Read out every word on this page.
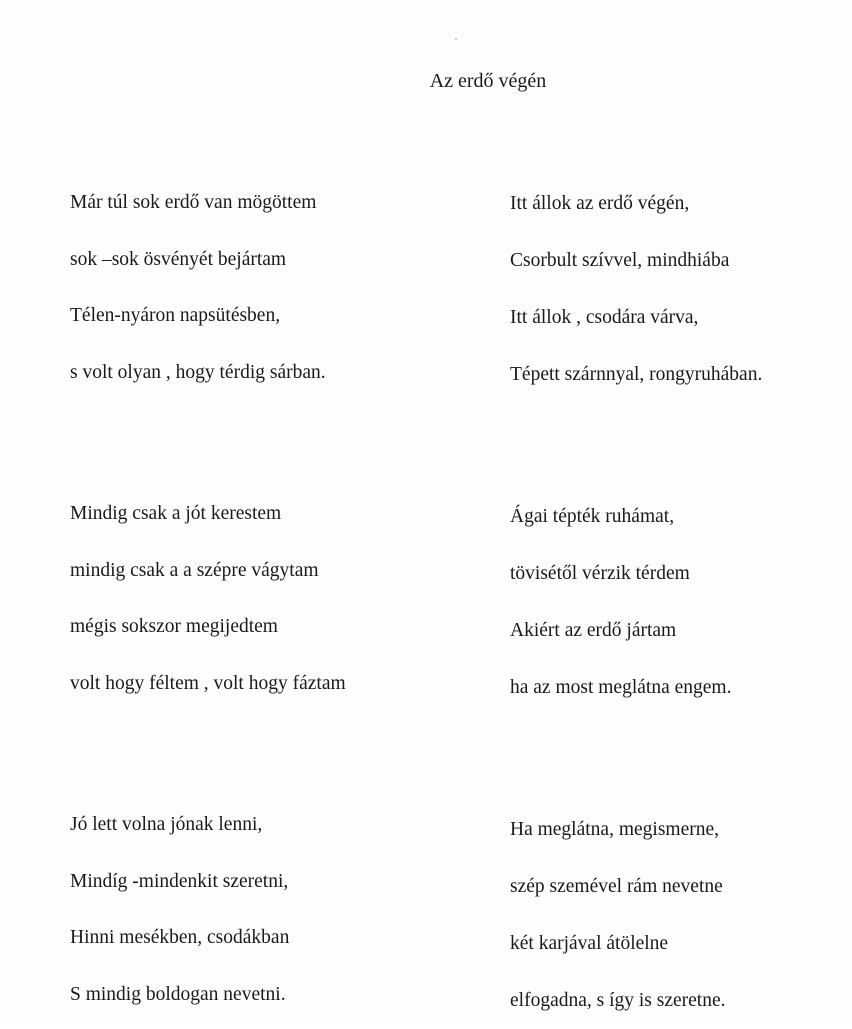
Az erdő végén
Már túl sok erdő van mögöttem
sok –sok ösvényét bejártam
Télen-nyáron napsütésben,
s volt olyan , hogy térdig sárban.
Mindig csak a jót kerestem
mindig csak a a szépre vágytam
mégis sokszor megijedtem
volt hogy féltem , volt hogy fáztam
Jó lett volna jónak lenni,
Mindíg -mindenkit szeretni,
Hinni mesékben, csodákban
S mindig boldogan nevetni.
Itt állok az erdő végén,
Csorbult szívvel, mindhiába
Itt állok , csodára várva,
Tépett szárnnyal, rongyruhában.
Ágai tépték ruhámat,
tövisétől vérzik térdem
Akiért az erdő jártam
ha az most meglátna engem.
Ha meglátna, megismerne,
szép szemével rám nevetne
két karjával átölelne
elfogadna, s így is szeretne.
